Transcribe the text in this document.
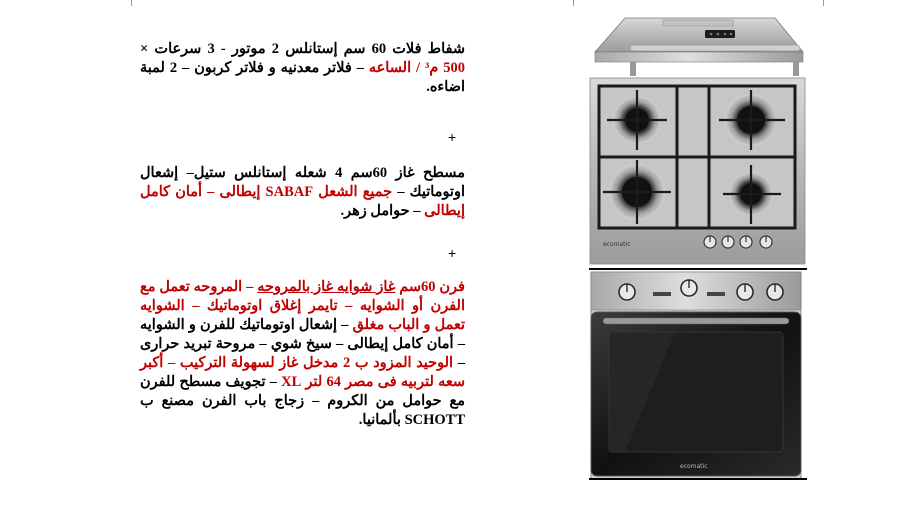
شفاط فلات 60 سم إستانلس 2 موتور - 3 سرعات × 500 م³ / الساعه – فلاتر معدنيه و فلاتر كربون – 2 لمبة اضاءه.

مسطح غاز 60سم 4 شعله إستانلس ستيل– إشعال اوتوماتيك – جميع الشعل SABAF إيطالى – أمان كامل إيطالى – حوامل زهر.

فرن 60سم غاز شوايه غاز بالمروحه – المروحه تعمل مع الفرن أو الشوايه – تايمر إغلاق اوتوماتيك – الشوايه تعمل و الباب مغلق – إشعال اوتوماتيك للفرن و الشوايه – أمان كامل إيطالى – سيخ شوي – مروحة تبريد حرارى – الوحيد المزود ب 2 مدخل غاز لسهولة التركيب – أكبر سعه لتربيه فى مصر 64 لتر XL – تجويف مسطح للفرن مع حوامل من الكروم – زجاج باب الفرن مصنع ب SCHOTT بألمانيا.

+
+
ecomatic
ecomatic
